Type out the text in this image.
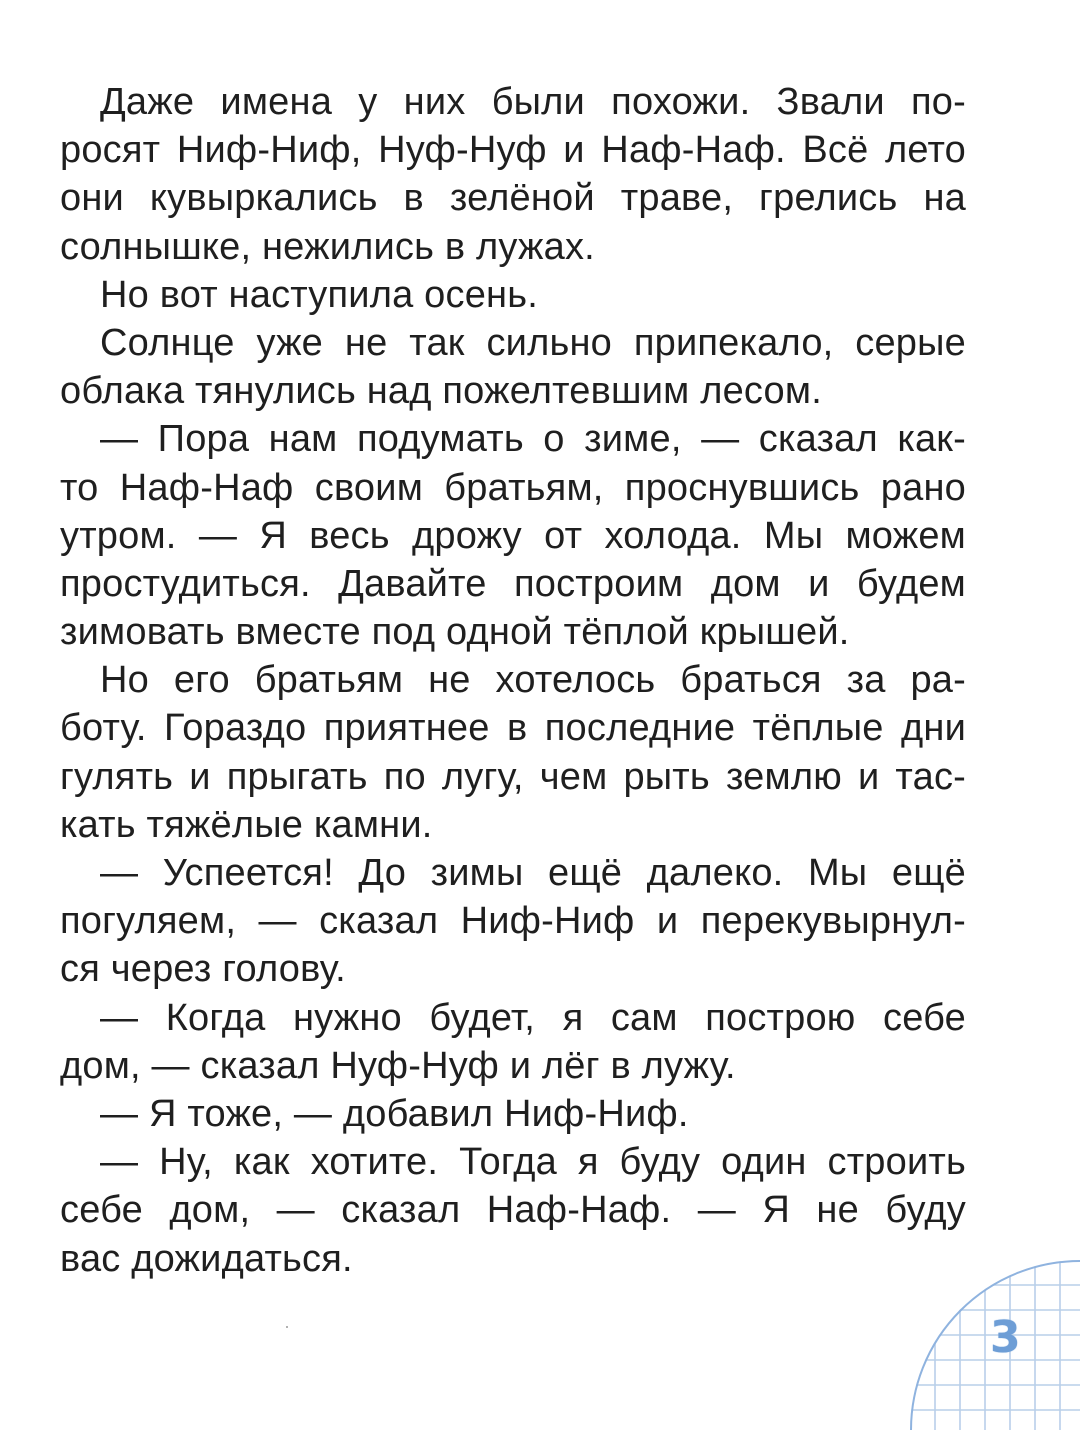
Даже имена у них были похожи. Звали по-
росят Ниф-Ниф, Нуф-Нуф и Наф-Наф. Всё лето
они кувыркались в зелёной траве, грелись на
солнышке, нежились в лужах.
Но вот наступила осень.
Солнце уже не так сильно припекало, серые
облака тянулись над пожелтевшим лесом.
— Пора нам подумать о зиме, — сказал как-
то Наф-Наф своим братьям, проснувшись рано
утром. — Я весь дрожу от холода. Мы можем
простудиться. Давайте построим дом и будем
зимовать вместе под одной тёплой крышей.
Но его братьям не хотелось браться за ра-
боту. Гораздо приятнее в последние тёплые дни
гулять и прыгать по лугу, чем рыть землю и тас-
кать тяжёлые камни.
— Успеется! До зимы ещё далеко. Мы ещё
погуляем, — сказал Ниф-Ниф и перекувырнул-
ся через голову.
— Когда нужно будет, я сам построю себе
дом, — сказал Нуф-Нуф и лёг в лужу.
— Я тоже, — добавил Ниф-Ниф.
— Ну, как хотите. Тогда я буду один строить
себе дом, — сказал Наф-Наф. — Я не буду
вас дожидаться.
3
